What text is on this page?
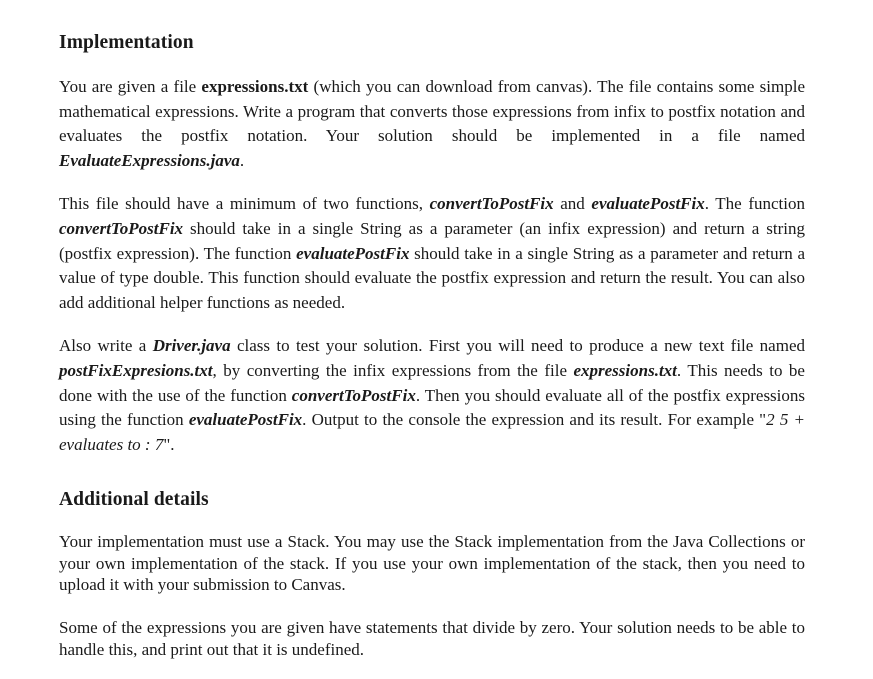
Implementation

You are given a file expressions.txt (which you can download from canvas). The file contains some simple mathematical expressions. Write a program that converts those expressions from infix to postfix notation and evaluates the postfix notation. Your solution should be implemented in a file named EvaluateExpressions.java.

This file should have a minimum of two functions, convertToPostFix and evaluatePostFix. The function convertToPostFix should take in a single String as a parameter (an infix expression) and return a string (postfix expression). The function evaluatePostFix should take in a single String as a parameter and return a value of type double. This function should evaluate the postfix expression and return the result. You can also add additional helper functions as needed.

Also write a Driver.java class to test your solution. First you will need to produce a new text file named postFixExpresions.txt, by converting the infix expressions from the file expressions.txt. This needs to be done with the use of the function convertToPostFix. Then you should evaluate all of the postfix expressions using the function evaluatePostFix. Output to the console the expression and its result. For example "2 5 + evaluates to : 7".

Additional details

Your implementation must use a Stack. You may use the Stack implementation from the Java Collections or your own implementation of the stack. If you use your own implementation of the stack, then you need to upload it with your submission to Canvas.

Some of the expressions you are given have statements that divide by zero. Your solution needs to be able to handle this, and print out that it is undefined.
